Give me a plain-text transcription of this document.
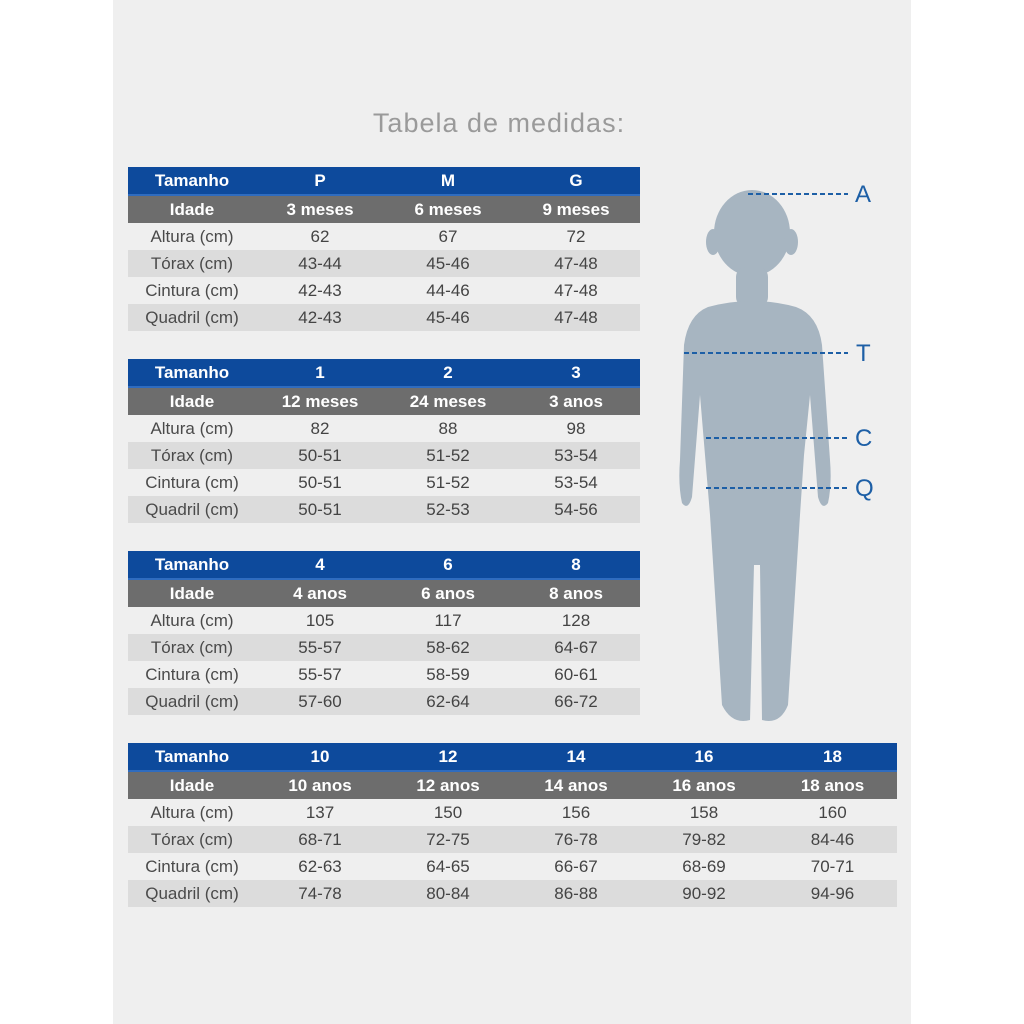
Tabela de medidas:
Tamanho	P	M	G
Idade	3 meses	6 meses	9 meses
Altura (cm)	62	67	72
Tórax (cm)	43-44	45-46	47-48
Cintura (cm)	42-43	44-46	47-48
Quadril (cm)	42-43	45-46	47-48
Tamanho	1	2	3
Idade	12 meses	24 meses	3 anos
Altura (cm)	82	88	98
Tórax (cm)	50-51	51-52	53-54
Cintura (cm)	50-51	51-52	53-54
Quadril (cm)	50-51	52-53	54-56
Tamanho	4	6	8
Idade	4 anos	6 anos	8 anos
Altura (cm)	105	117	128
Tórax (cm)	55-57	58-62	64-67
Cintura (cm)	55-57	58-59	60-61
Quadril (cm)	57-60	62-64	66-72
Tamanho	10	12	14	16	18
Idade	10 anos	12 anos	14 anos	16 anos	18 anos
Altura (cm)	137	150	156	158	160
Tórax (cm)	68-71	72-75	76-78	79-82	84-46
Cintura (cm)	62-63	64-65	66-67	68-69	70-71
Quadril (cm)	74-78	80-84	86-88	90-92	94-96
A
T
C
Q
